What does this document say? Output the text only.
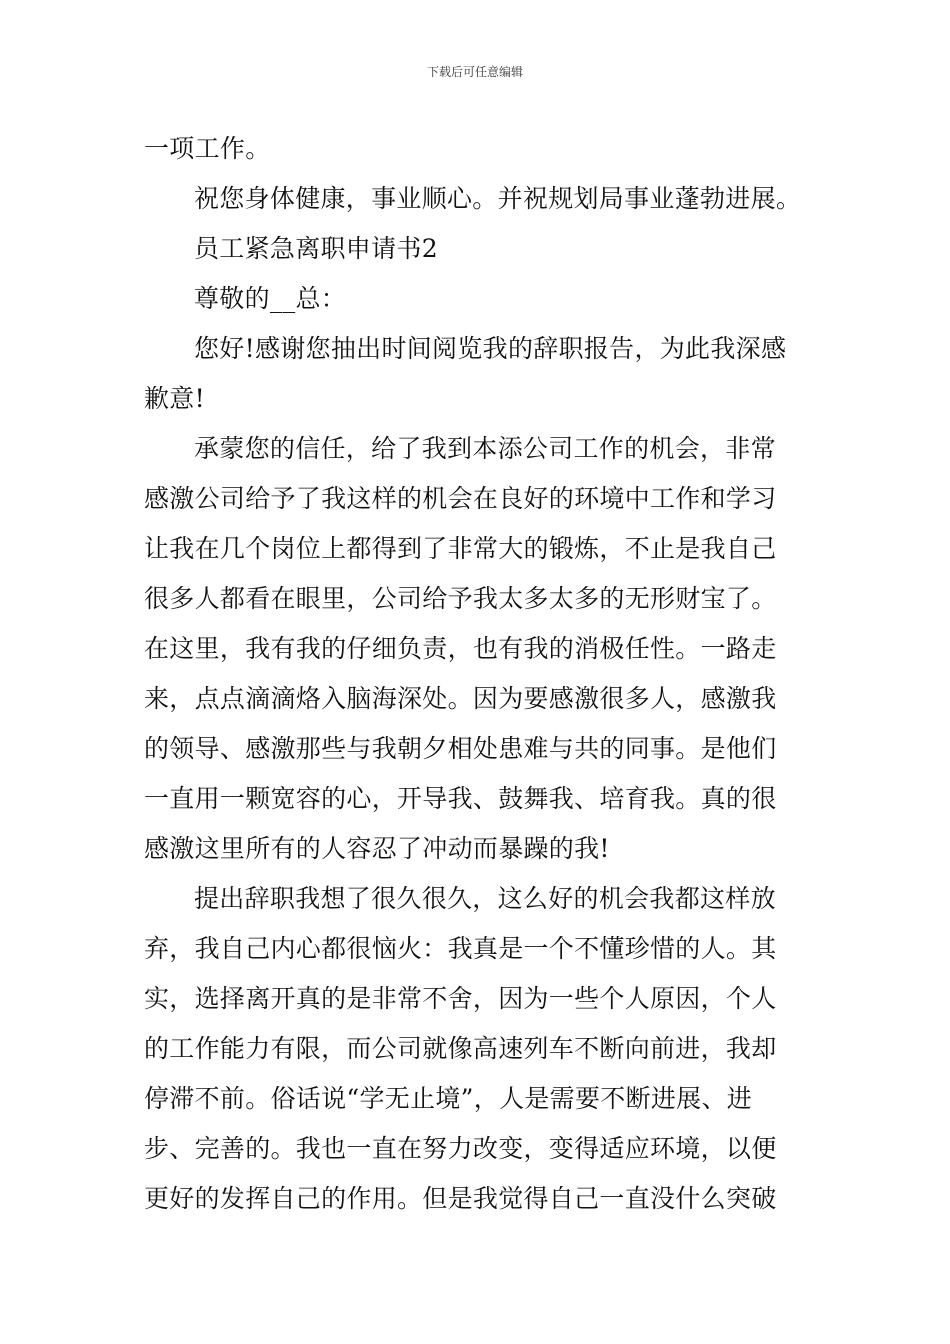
下载后可任意编辑
一项工作。
祝您身体健康，事业顺心。并祝规划局事业蓬勃进展。
员工紧急离职申请书2
尊敬的__总：
您好!感谢您抽出时间阅览我的辞职报告，为此我深感
歉意!
承蒙您的信任，给了我到本添公司工作的机会，非常
感激公司给予了我这样的机会在良好的环境中工作和学习
让我在几个岗位上都得到了非常大的锻炼，不止是我自己
很多人都看在眼里，公司给予我太多太多的无形财宝了。
在这里，我有我的仔细负责，也有我的消极任性。一路走
来，点点滴滴烙入脑海深处。因为要感激很多人，感激我
的领导、感激那些与我朝夕相处患难与共的同事。是他们
一直用一颗宽容的心，开导我、鼓舞我、培育我。真的很
感激这里所有的人容忍了冲动而暴躁的我!
提出辞职我想了很久很久，这么好的机会我都这样放
弃，我自己内心都很恼火：我真是一个不懂珍惜的人。其
实，选择离开真的是非常不舍，因为一些个人原因，个人
的工作能力有限，而公司就像高速列车不断向前进，我却
停滞不前。俗话说“学无止境”，人是需要不断进展、进
步、完善的。我也一直在努力改变，变得适应环境，以便
更好的发挥自己的作用。但是我觉得自己一直没什么突破
